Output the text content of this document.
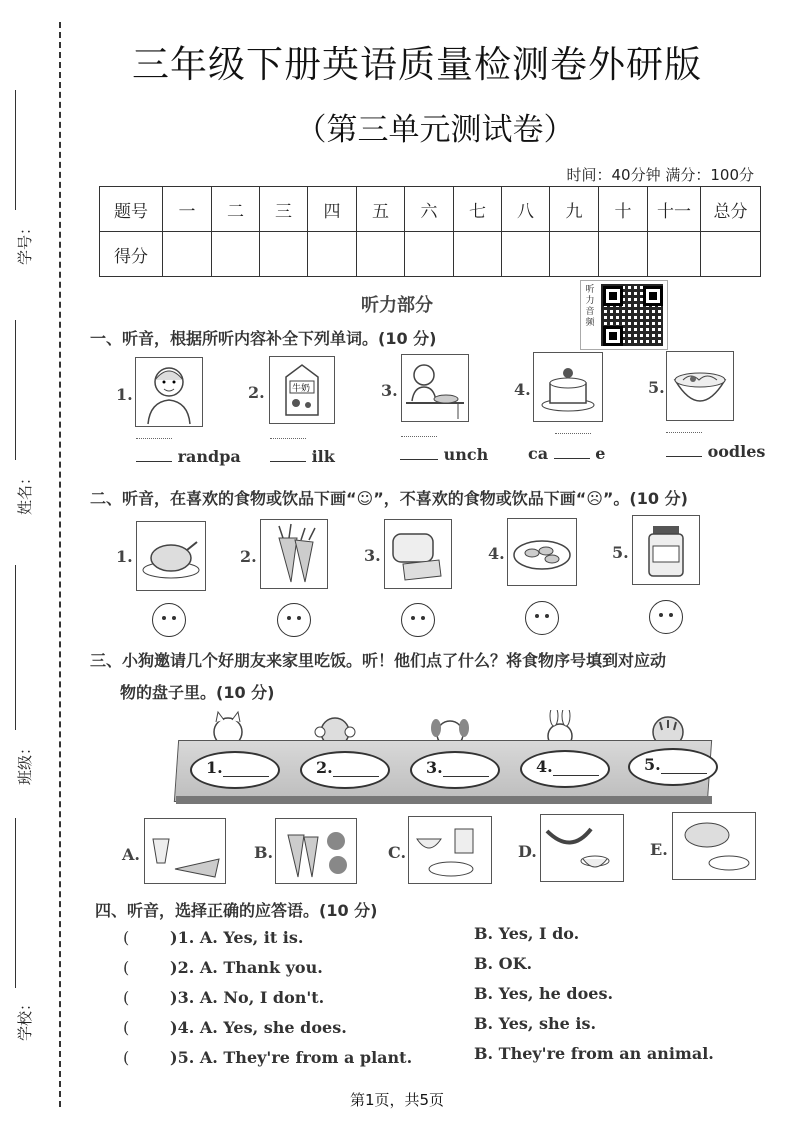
学号：
姓名：
班级：
学校：
三年级下册英语质量检测卷外研版
（第三单元测试卷）
时间：40分钟 满分：100分
题号	一	二	三	四	五	六	七	八	九	十	十一	总分
得分												
听力部分
听力音频
一、听音，根据所听内容补全下列单词。(10 分)
1.
randpa
2.	牛奶
ilk
3.
unch
4.
ca	e
5.
oodles
二、听音，在喜欢的食物或饮品下画“☺”，不喜欢的食物或饮品下画“☹”。(10 分)
1.	2.	3.	4.	5.
三、小狗邀请几个好朋友来家里吃饭。听！他们点了什么？将食物序号填到对应动
物的盘子里。(10 分)
1.	2.	3.	4.	5.
A.	B.	C.	D.	E.
四、听音，选择正确的应答语。(10 分)
(	)1. A. Yes, it is.	B. Yes, I do.
(	)2. A. Thank you.	B. OK.
(	)3. A. No, I don't.	B. Yes, he does.
(	)4. A. Yes, she does.	B. Yes, she is.
(	)5. A. They're from a plant.	B. They're from an animal.
第1页，共5页
